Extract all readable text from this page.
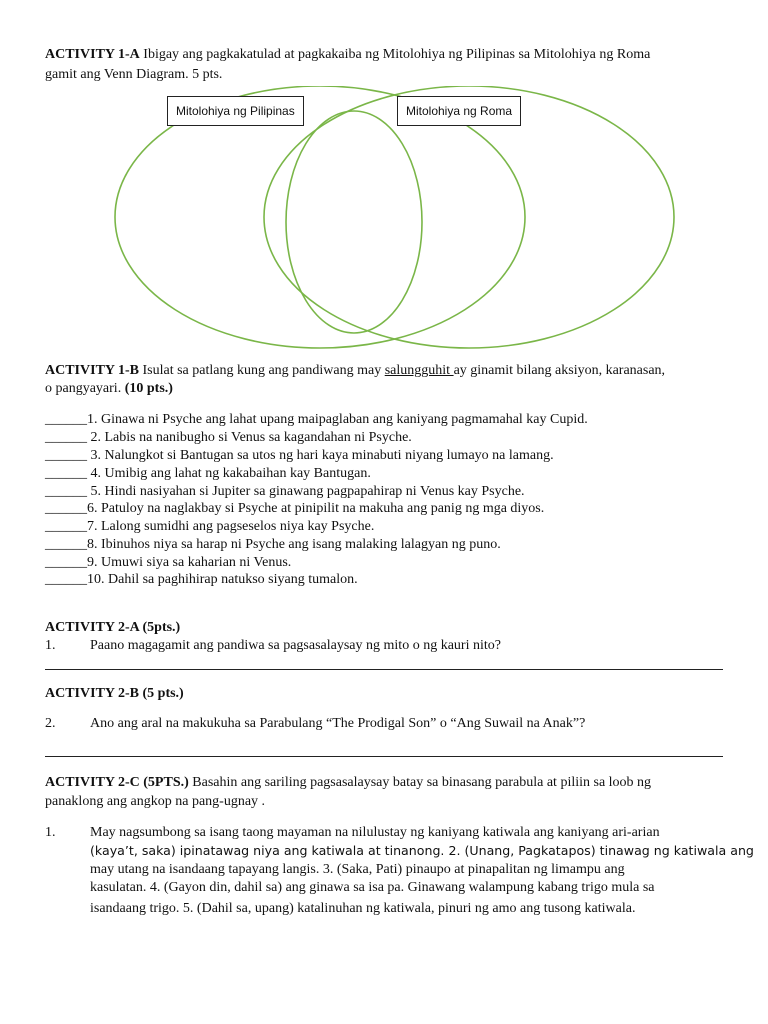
ACTIVITY 1-A Ibigay ang pagkakatulad at pagkakaiba ng Mitolohiya ng Pilipinas sa Mitolohiya ng Roma
gamit ang Venn Diagram. 5 pts.
Mitolohiya ng Pilipinas	Mitolohiya ng Roma
ACTIVITY 1-B Isulat sa patlang kung ang pandiwang may salungguhit ay ginamit bilang aksiyon, karanasan,
o pangyayari. (10 pts.)
______1. Ginawa ni Psyche ang lahat upang maipaglaban ang kaniyang pagmamahal kay Cupid.
______ 2. Labis na nanibugho si Venus sa kagandahan ni Psyche.
______ 3. Nalungkot si Bantugan sa utos ng hari kaya minabuti niyang lumayo na lamang.
______ 4. Umibig ang lahat ng kakabaihan kay Bantugan.
______ 5. Hindi nasiyahan si Jupiter sa ginawang pagpapahirap ni Venus kay Psyche.
______6. Patuloy na naglakbay si Psyche at pinipilit na makuha ang panig ng mga diyos.
______7. Lalong sumidhi ang pagseselos niya kay Psyche.
______8. Ibinuhos niya sa harap ni Psyche ang isang malaking lalagyan ng puno.
______9. Umuwi siya sa kaharian ni Venus.
______10. Dahil sa paghihirap natukso siyang tumalon.
ACTIVITY 2-A (5pts.)
1. Paano magagamit ang pandiwa sa pagsasalaysay ng mito o ng kauri nito?
ACTIVITY 2-B (5 pts.)
2. Ano ang aral na makukuha sa Parabulang “The Prodigal Son” o “Ang Suwail na Anak”?
ACTIVITY 2-C (5PTS.) Basahin ang sariling pagsasalaysay batay sa binasang parabula at piliin sa loob ng
panaklong ang angkop na pang-ugnay .
1. May nagsumbong sa isang taong mayaman na nilulustay ng kaniyang katiwala ang kaniyang ari-arian
(kaya’t, saka) ipinatawag niya ang katiwala at tinanong. 2. (Unang, Pagkatapos) tinawag ng katiwala ang
may utang na isandaang tapayang langis. 3. (Saka, Pati) pinaupo at pinapalitan ng limampu ang
kasulatan. 4. (Gayon din, dahil sa) ang ginawa sa isa pa. Ginawang walampung kabang trigo mula sa
isandaang trigo. 5. (Dahil sa, upang) katalinuhan ng katiwala, pinuri ng amo ang tusong katiwala.
